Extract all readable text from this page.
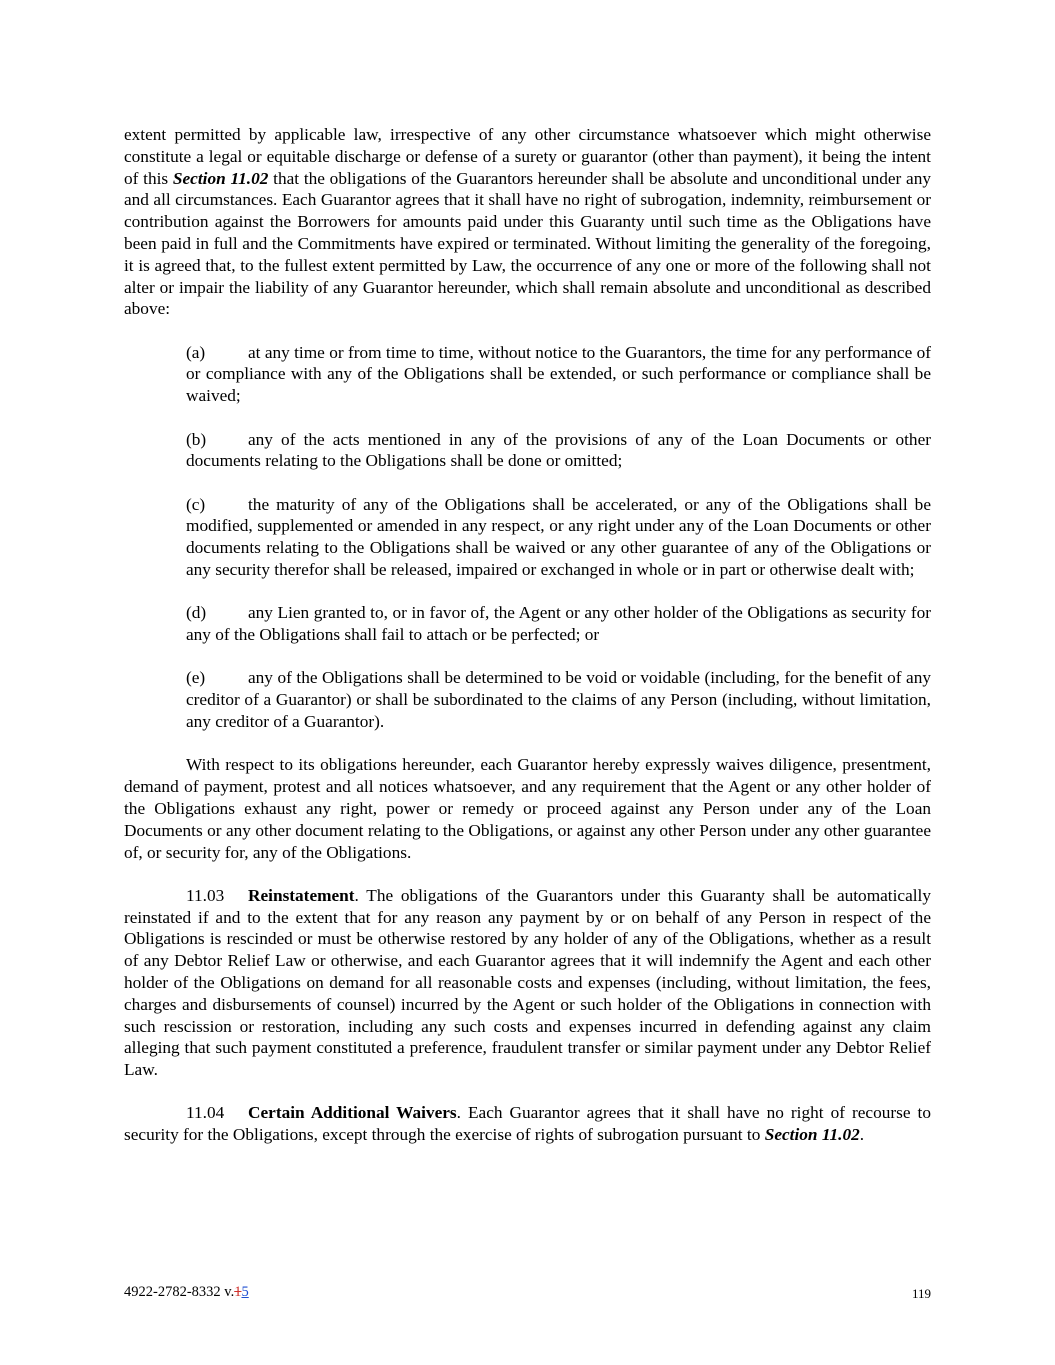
extent permitted by applicable law, irrespective of any other circumstance whatsoever which might otherwise constitute a legal or equitable discharge or defense of a surety or guarantor (other than payment), it being the intent of this Section 11.02 that the obligations of the Guarantors hereunder shall be absolute and unconditional under any and all circumstances. Each Guarantor agrees that it shall have no right of subrogation, indemnity, reimbursement or contribution against the Borrowers for amounts paid under this Guaranty until such time as the Obligations have been paid in full and the Commitments have expired or terminated. Without limiting the generality of the foregoing, it is agreed that, to the fullest extent permitted by Law, the occurrence of any one or more of the following shall not alter or impair the liability of any Guarantor hereunder, which shall remain absolute and unconditional as described above:

(a) at any time or from time to time, without notice to the Guarantors, the time for any performance of or compliance with any of the Obligations shall be extended, or such performance or compliance shall be waived;

(b) any of the acts mentioned in any of the provisions of any of the Loan Documents or other documents relating to the Obligations shall be done or omitted;

(c) the maturity of any of the Obligations shall be accelerated, or any of the Obligations shall be modified, supplemented or amended in any respect, or any right under any of the Loan Documents or other documents relating to the Obligations shall be waived or any other guarantee of any of the Obligations or any security therefor shall be released, impaired or exchanged in whole or in part or otherwise dealt with;

(d) any Lien granted to, or in favor of, the Agent or any other holder of the Obligations as security for any of the Obligations shall fail to attach or be perfected; or

(e) any of the Obligations shall be determined to be void or voidable (including, for the benefit of any creditor of a Guarantor) or shall be subordinated to the claims of any Person (including, without limitation, any creditor of a Guarantor).

With respect to its obligations hereunder, each Guarantor hereby expressly waives diligence, presentment, demand of payment, protest and all notices whatsoever, and any requirement that the Agent or any other holder of the Obligations exhaust any right, power or remedy or proceed against any Person under any of the Loan Documents or any other document relating to the Obligations, or against any other Person under any other guarantee of, or security for, any of the Obligations.

11.03 Reinstatement. The obligations of the Guarantors under this Guaranty shall be automatically reinstated if and to the extent that for any reason any payment by or on behalf of any Person in respect of the Obligations is rescinded or must be otherwise restored by any holder of any of the Obligations, whether as a result of any Debtor Relief Law or otherwise, and each Guarantor agrees that it will indemnify the Agent and each other holder of the Obligations on demand for all reasonable costs and expenses (including, without limitation, the fees, charges and disbursements of counsel) incurred by the Agent or such holder of the Obligations in connection with such rescission or restoration, including any such costs and expenses incurred in defending against any claim alleging that such payment constituted a preference, fraudulent transfer or similar payment under any Debtor Relief Law.

11.04 Certain Additional Waivers. Each Guarantor agrees that it shall have no right of recourse to security for the Obligations, except through the exercise of rights of subrogation pursuant to Section 11.02.

4922-2782-8332 v.15	119
